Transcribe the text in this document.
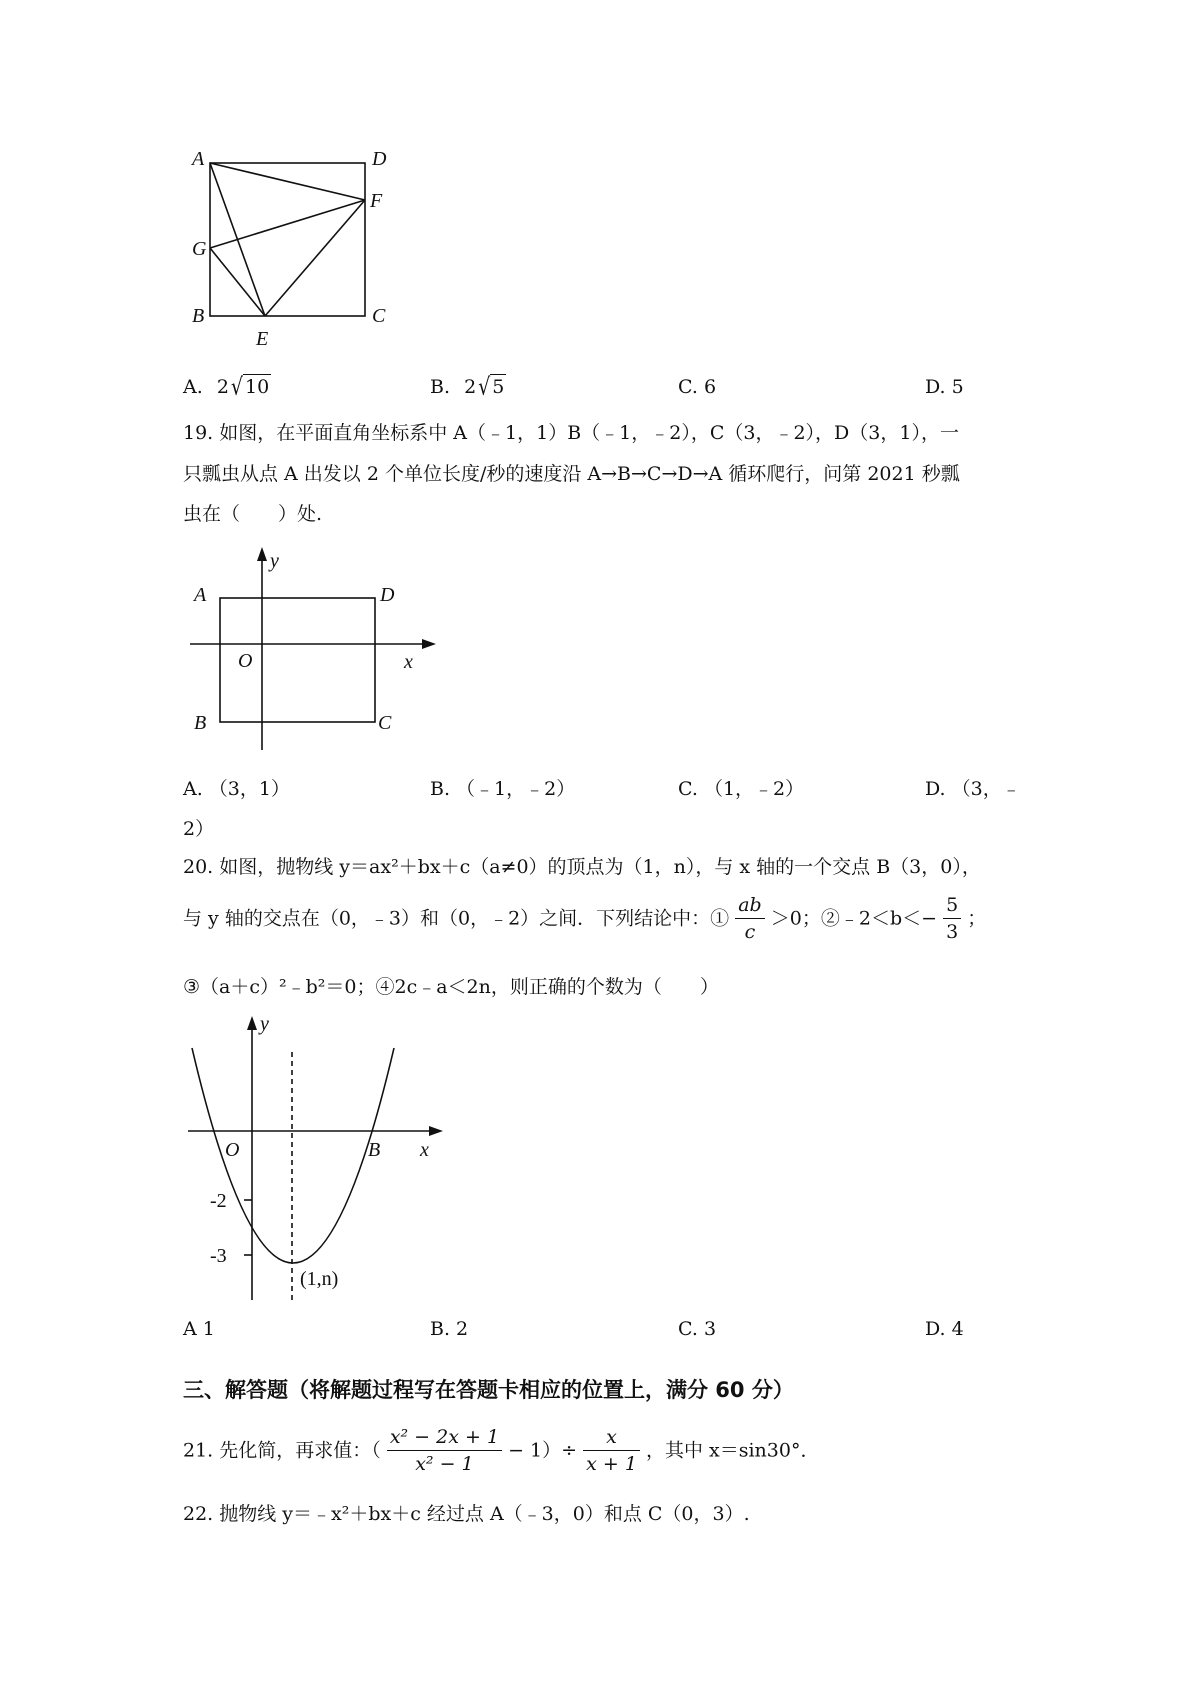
A	D
F
G
B
E
C
A. 2 √ 10	B. 2 √ 5	C. 6	D. 5
19. 如图，在平面直角坐标系中 A（﹣1，1）B（﹣1，﹣2），C（3，﹣2），D（3，1），一
只瓢虫从点 A 出发以 2 个单位长度/秒的速度沿 A→B→C→D→A 循环爬行，问第 2021 秒瓢
虫在（　　）处.
y
A	D
O	x
B	C
A. （3，1）	B. （﹣1，﹣2）	C. （1，﹣2）	D. （3，﹣
2）
20. 如图，抛物线 y＝ax²＋bx＋c（a≠0）的顶点为（1，n），与 x 轴的一个交点 B（3，0），
与 y 轴的交点在（0，﹣3）和（0，﹣2）之间．下列结论中：① $\frac{ab}{c} >0$；②﹣2＜b＜− $\frac{5}{3}$ ；
③（a＋c）²﹣b²＝0；④2c﹣a＜2n，则正确的个数为（　　）
y
O	B x
-2
-3
(1,n)
A 1	B. 2	C. 3	D. 4
三、解答题（将解题过程写在答题卡相应的位置上，满分 60 分）
21. 先化简，再求值：（ $\frac{\text{x² − 2x + 1}}{\text{x² − 1}} - 1)\div \frac{x}{x + 1}$ ，其中 x＝sin30°．
22. 抛物线 y＝﹣x²＋bx＋c 经过点 A（﹣3，0）和点 C（0，3）.
